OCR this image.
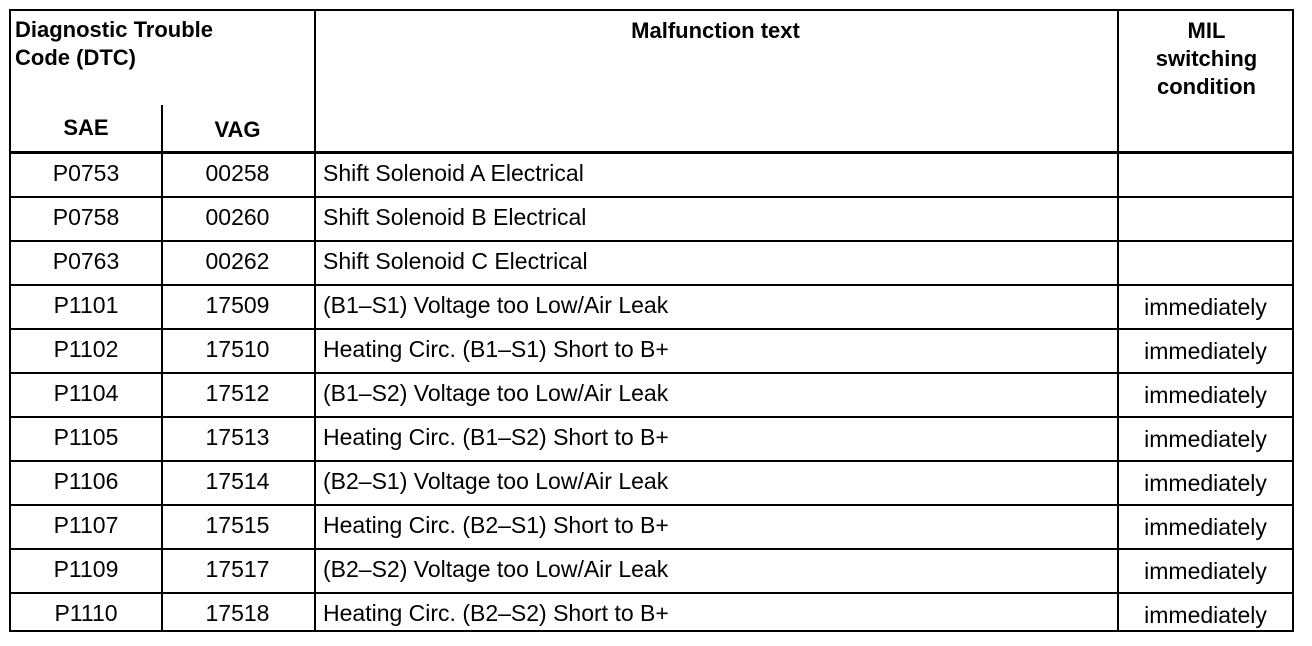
Diagnostic Trouble
Code (DTC)
SAE	VAG
Malfunction text	MIL
switching
condition
P0753	00258	Shift Solenoid A Electrical
P0758	00260	Shift Solenoid B Electrical
P0763	00262	Shift Solenoid C Electrical
P1101	17509	(B1–S1) Voltage too Low/Air Leak	immediately
P1102	17510	Heating Circ. (B1–S1) Short to B+	immediately
P1104	17512	(B1–S2) Voltage too Low/Air Leak	immediately
P1105	17513	Heating Circ. (B1–S2) Short to B+	immediately
P1106	17514	(B2–S1) Voltage too Low/Air Leak	immediately
P1107	17515	Heating Circ. (B2–S1) Short to B+	immediately
P1109	17517	(B2–S2) Voltage too Low/Air Leak	immediately
P1110	17518	Heating Circ. (B2–S2) Short to B+	immediately
